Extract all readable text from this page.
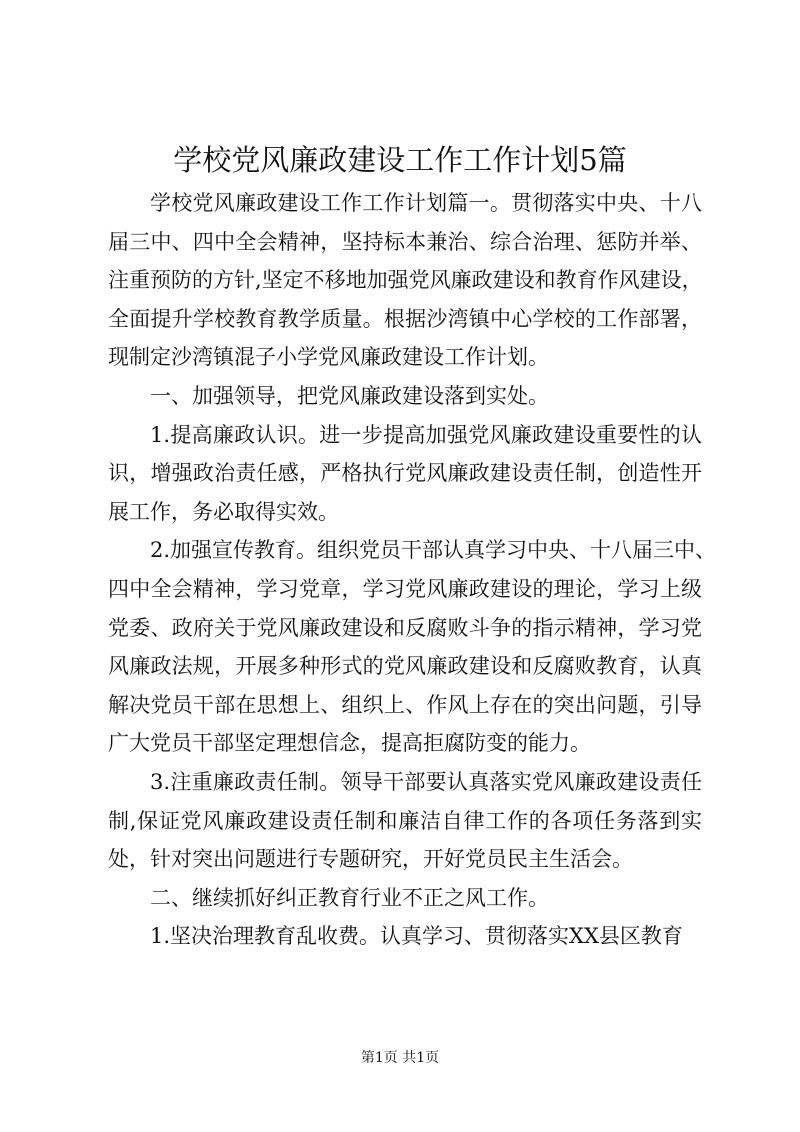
学校党风廉政建设工作工作计划5篇

学校党风廉政建设工作工作计划篇一。贯彻落实中央、十八
届三中、四中全会精神，坚持标本兼治、综合治理、惩防并举、
注重预防的方针,坚定不移地加强党风廉政建设和教育作风建设，
全面提升学校教育教学质量。根据沙湾镇中心学校的工作部署，
现制定沙湾镇混子小学党风廉政建设工作计划。

一、加强领导，把党风廉政建设落到实处。

1.提高廉政认识。进一步提高加强党风廉政建设重要性的认
识，增强政治责任感，严格执行党风廉政建设责任制，创造性开
展工作，务必取得实效。

2.加强宣传教育。组织党员干部认真学习中央、十八届三中、
四中全会精神，学习党章，学习党风廉政建设的理论，学习上级
党委、政府关于党风廉政建设和反腐败斗争的指示精神，学习党
风廉政法规，开展多种形式的党风廉政建设和反腐败教育，认真
解决党员干部在思想上、组织上、作风上存在的突出问题，引导
广大党员干部坚定理想信念，提高拒腐防变的能力。

3.注重廉政责任制。领导干部要认真落实党风廉政建设责任
制,保证党风廉政建设责任制和廉洁自律工作的各项任务落到实
处，针对突出问题进行专题研究，开好党员民主生活会。

二、继续抓好纠正教育行业不正之风工作。

1.坚决治理教育乱收费。认真学习、贯彻落实XX县区教育

第1页 共1页
